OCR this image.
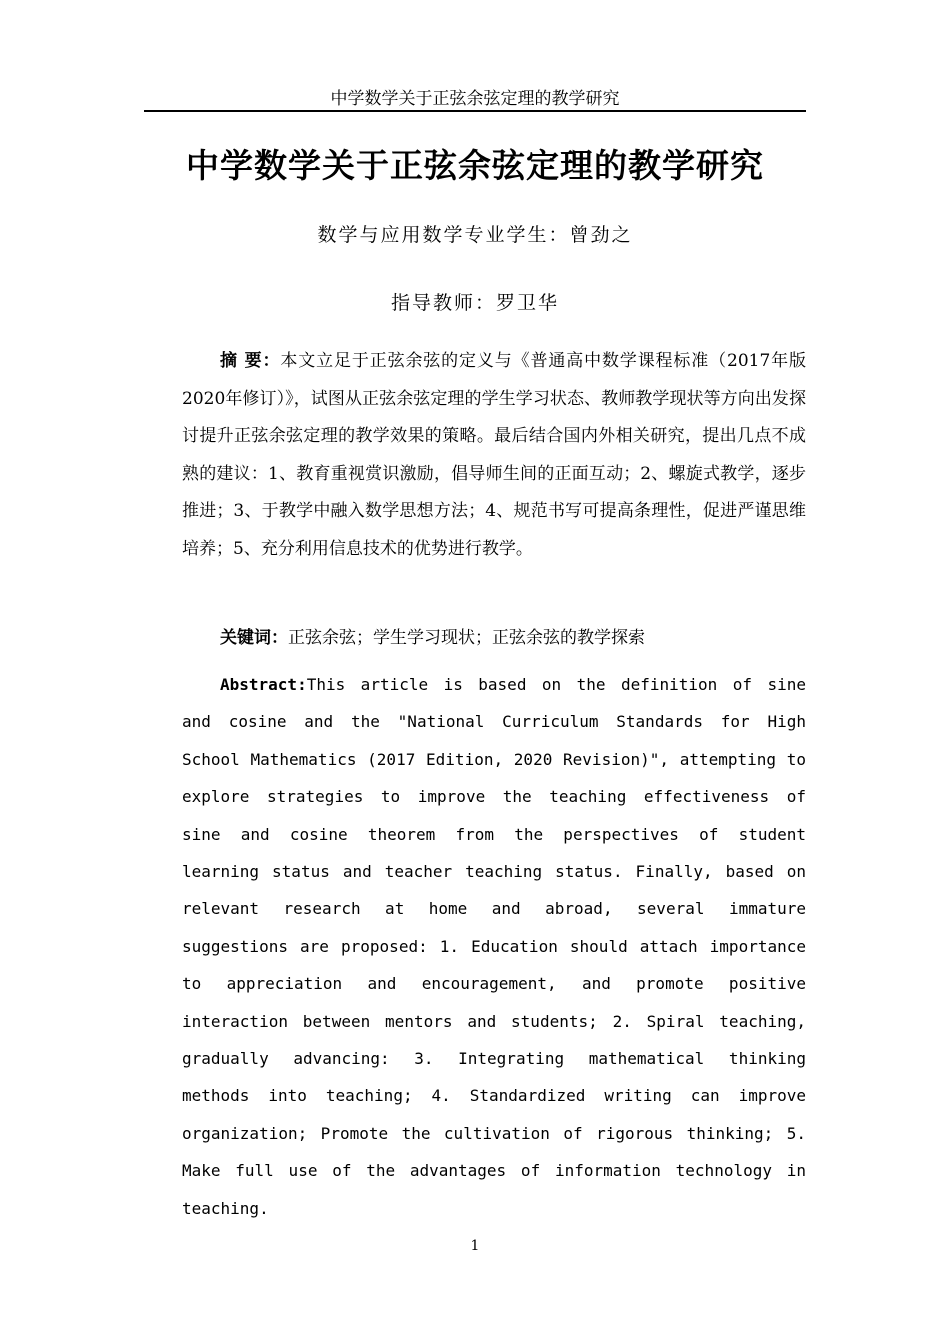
中学数学关于正弦余弦定理的教学研究
中学数学关于正弦余弦定理的教学研究
数学与应用数学专业学生：曾劲之
指导教师：罗卫华
摘 要：本文立足于正弦余弦的定义与《普通高中数学课程标准（2017年版2020年修订）》，试图从正弦余弦定理的学生学习状态、教师教学现状等方向出发探讨提升正弦余弦定理的教学效果的策略。最后结合国内外相关研究，提出几点不成熟的建议：1、教育重视赏识激励，倡导师生间的正面互动；2、螺旋式教学，逐步推进；3、于教学中融入数学思想方法；4、规范书写可提高条理性，促进严谨思维培养；5、充分利用信息技术的优势进行教学。
关键词：正弦余弦；学生学习现状；正弦余弦的教学探索
Abstract:This article is based on the definition of sine and cosine and the "National Curriculum Standards for High School Mathematics (2017 Edition, 2020 Revision)", attempting to explore strategies to improve the teaching effectiveness of sine and cosine theorem from the perspectives of student learning status and teacher teaching status. Finally, based on relevant research at home and abroad, several immature suggestions are proposed: 1. Education should attach importance to appreciation and encouragement, and promote positive interaction between mentors and students; 2. Spiral teaching, gradually advancing: 3. Integrating mathematical thinking methods into teaching; 4. Standardized writing can improve organization; Promote the cultivation of rigorous thinking; 5. Make full use of the advantages of information technology in teaching.
1
